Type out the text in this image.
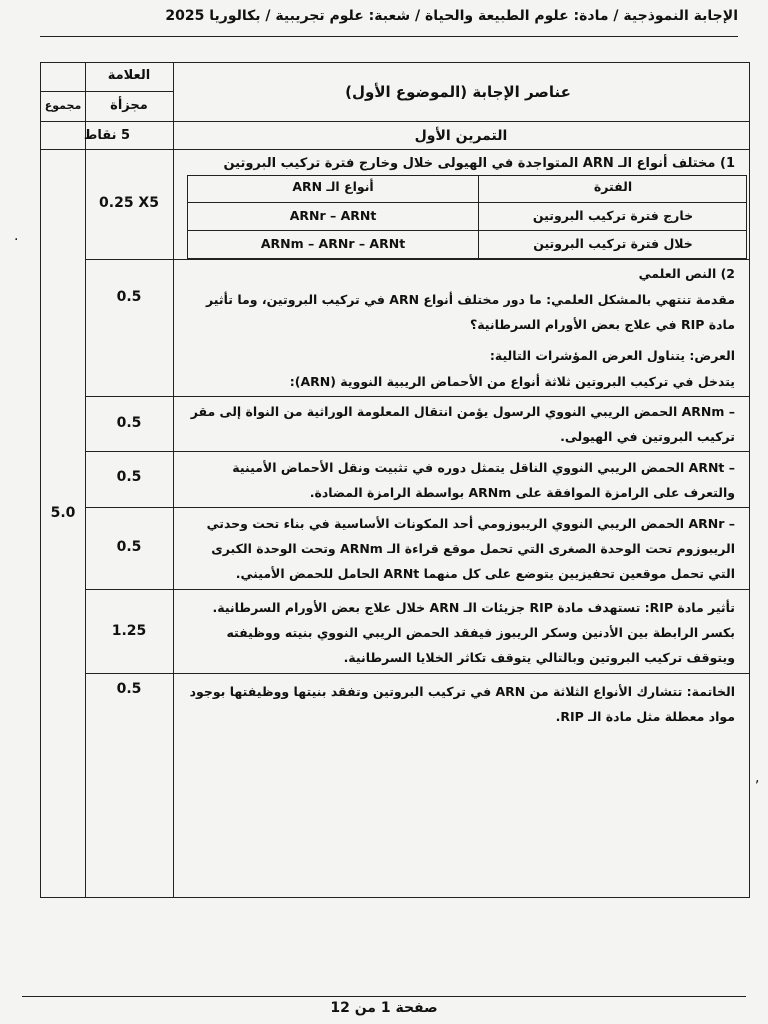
الإجابة النموذجية / مادة: علوم الطبيعة والحياة / شعبة: علوم تجريبية / بكالوريا 2025
العلامة
مجموع	مجزأة
عناصر الإجابة (الموضوع الأول)
5 نقاط	التمرين الأول
1) مختلف أنواع الـ ARN المتواجدة في الهيولى خلال وخارج فترة تركيب البروتين
0.25 X5
الفترة
أنواع الـ ARN
خارج فترة تركيب البروتين
ARNr – ARNt
خلال فترة تركيب البروتين
ARNm – ARNr – ARNt
2) النص العلمي
مقدمة تنتهي بالمشكل العلمي: ما دور مختلف أنواع ARN في تركيب البروتين، وما تأثير مادة RIP في علاج بعض الأورام السرطانية؟
0.5
العرض: يتناول العرض المؤشرات التالية:
يتدخل في تركيب البروتين ثلاثة أنواع من الأحماض الريبية النووية (ARN):
– ARNm الحمض الريبي النووي الرسول يؤمن انتقال المعلومة الوراثية من النواة إلى مقر تركيب البروتين في الهيولى.
0.5
– ARNt الحمض الريبي النووي الناقل يتمثل دوره في تثبيت ونقل الأحماض الأمينية والتعرف على الرامزة الموافقة على ARNm بواسطة الرامزة المضادة.
0.5
– ARNr الحمض الريبي النووي الريبوزومي أحد المكونات الأساسية في بناء تحت وحدتي الريبوزوم تحت الوحدة الصغرى التي تحمل موقع قراءة الـ ARNm وتحت الوحدة الكبرى التي تحمل موقعين تحفيزيين يتوضع على كل منهما ARNt الحامل للحمض الأميني.
0.5
تأثير مادة RIP: تستهدف مادة RIP جزيئات الـ ARN خلال علاج بعض الأورام السرطانية. بكسر الرابطة بين الأدنين وسكر الريبوز فيفقد الحمض الريبي النووي بنيته ووظيفته ويتوقف تركيب البروتين وبالتالي يتوقف تكاثر الخلايا السرطانية.
1.25
الخاتمة: تتشارك الأنواع الثلاثة من ARN في تركيب البروتين وتفقد بنيتها ووظيفتها بوجود مواد معطلة مثل مادة الـ RIP.
0.5
5.0
·
,
صفحة 1 من 12
